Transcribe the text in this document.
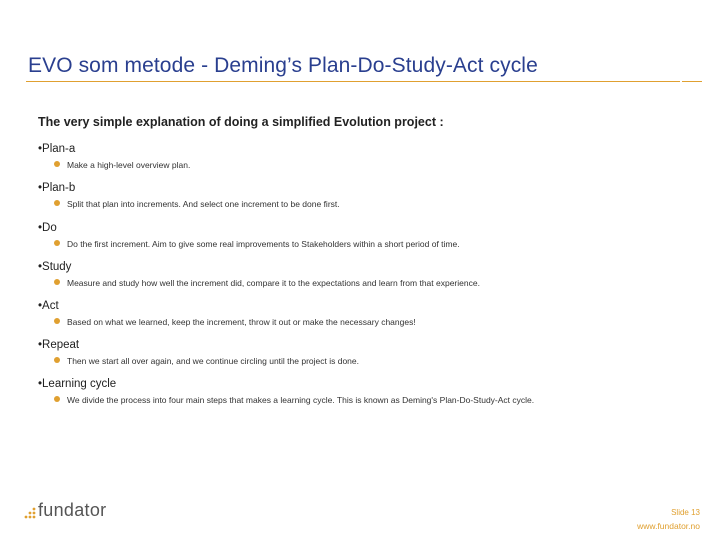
EVO som metode - Deming’s Plan-Do-Study-Act cycle
The very simple explanation of doing a simplified Evolution project :
•Plan-a
Make a high-level overview plan.
•Plan-b
Split that plan into increments. And select one increment to be done first.
•Do
Do the first increment. Aim to give some real improvements to Stakeholders within a short period of time.
•Study
Measure and study how well the increment did, compare it to the expectations and learn from that experience.
•Act
Based on what we learned, keep the increment, throw it out or make the necessary changes!
•Repeat
Then we start all over again, and we continue circling until the project is done.
•Learning cycle
We divide the process into four main steps that makes a learning cycle. This is known as Deming's Plan-Do-Study-Act cycle.
fundator	Slide 13
www.fundator.no
